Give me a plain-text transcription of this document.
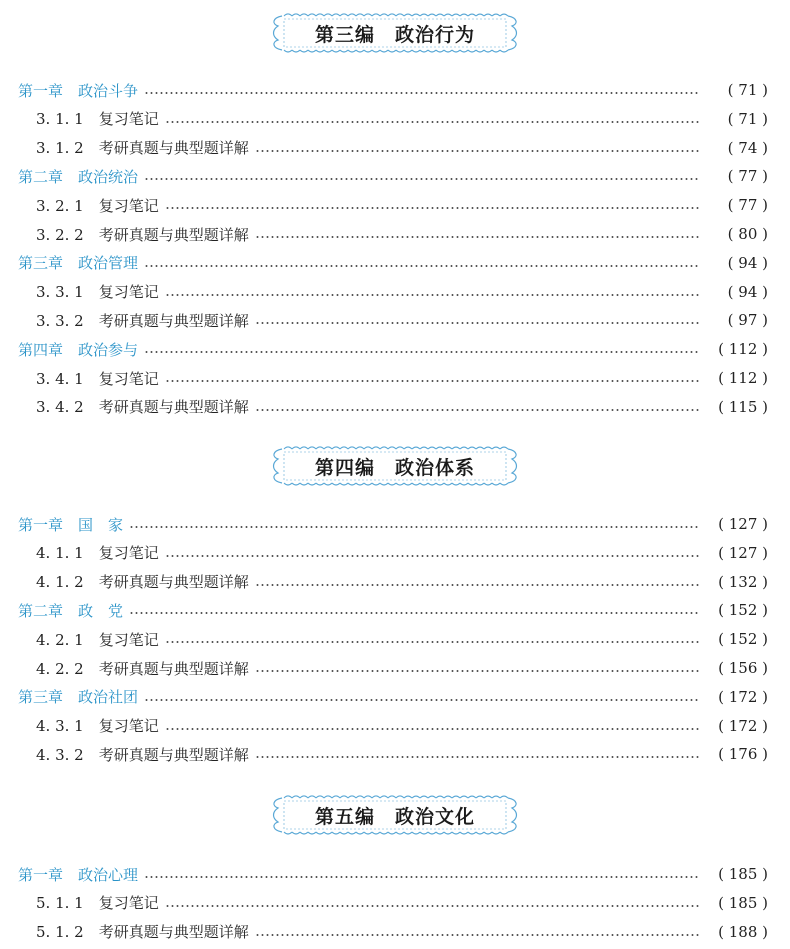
第三编　政治行为
第一章　政治斗争	( 71 )
3. 1. 1　复习笔记	( 71 )
3. 1. 2　考研真题与典型题详解	( 74 )
第二章　政治统治	( 77 )
3. 2. 1　复习笔记	( 77 )
3. 2. 2　考研真题与典型题详解	( 80 )
第三章　政治管理	( 94 )
3. 3. 1　复习笔记	( 94 )
3. 3. 2　考研真题与典型题详解	( 97 )
第四章　政治参与	( 112 )
3. 4. 1　复习笔记	( 112 )
3. 4. 2　考研真题与典型题详解	( 115 )
第四编　政治体系
第一章　国　家	( 127 )
4. 1. 1　复习笔记	( 127 )
4. 1. 2　考研真题与典型题详解	( 132 )
第二章　政　党	( 152 )
4. 2. 1　复习笔记	( 152 )
4. 2. 2　考研真题与典型题详解	( 156 )
第三章　政治社团	( 172 )
4. 3. 1　复习笔记	( 172 )
4. 3. 2　考研真题与典型题详解	( 176 )
第五编　政治文化
第一章　政治心理	( 185 )
5. 1. 1　复习笔记	( 185 )
5. 1. 2　考研真题与典型题详解	( 188 )
